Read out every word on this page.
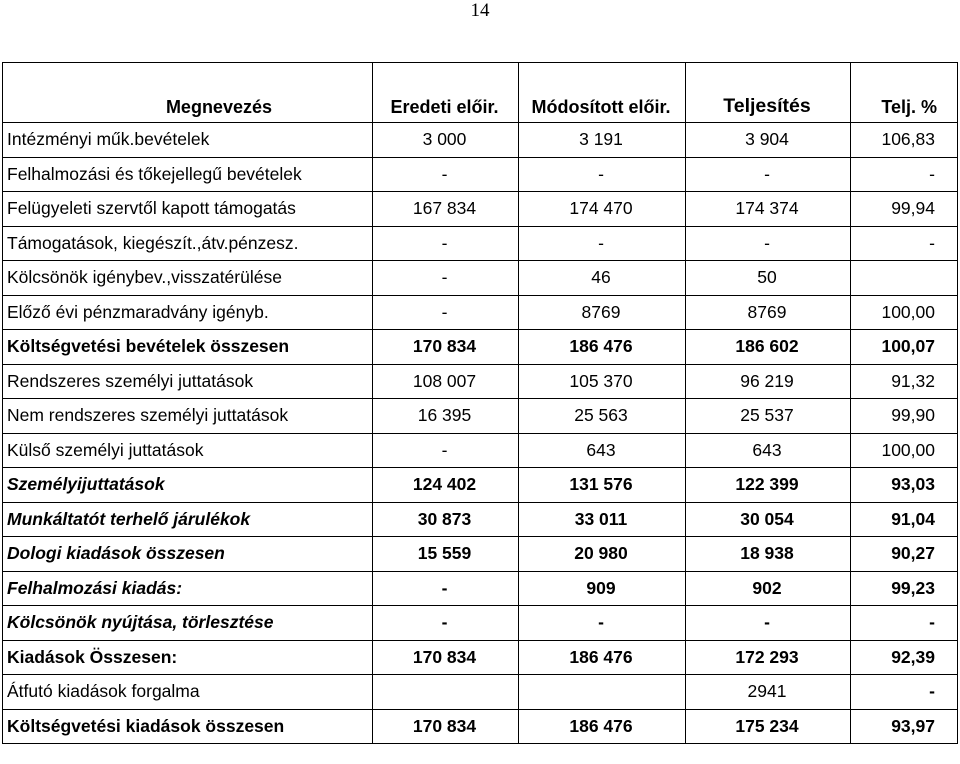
14
Megnevezés	Eredeti előir.	Módosított előir.	Teljesítés	Telj. %
Intézményi műk.bevételek	3 000	3 191	3 904	106,83
Felhalmozási és tőkejellegű bevételek	-	-	-	-
Felügyeleti szervtől kapott támogatás	167 834	174 470	174 374	99,94
Támogatások, kiegészít.,átv.pénzesz.	-	-	-	-
Kölcsönök igénybev.,visszatérülése	-	46	50	
Előző évi pénzmaradvány igényb.	-	8769	8769	100,00
Költségvetési bevételek összesen	170 834	186 476	186 602	100,07
Rendszeres személyi juttatások	108 007	105 370	96 219	91,32
Nem rendszeres személyi juttatások	16 395	25 563	25 537	99,90
Külső személyi juttatások	-	643	643	100,00
Személyijuttatások	124 402	131 576	122 399	93,03
Munkáltatót terhelő járulékok	30 873	33 011	30 054	91,04
Dologi kiadások összesen	15 559	20 980	18 938	90,27
Felhalmozási kiadás:	-	909	902	99,23
Kölcsönök nyújtása, törlesztése	-	-	-	-
Kiadások Összesen:	170 834	186 476	172 293	92,39
Átfutó kiadások forgalma			2941	-
Költségvetési kiadások összesen	170 834	186 476	175 234	93,97
